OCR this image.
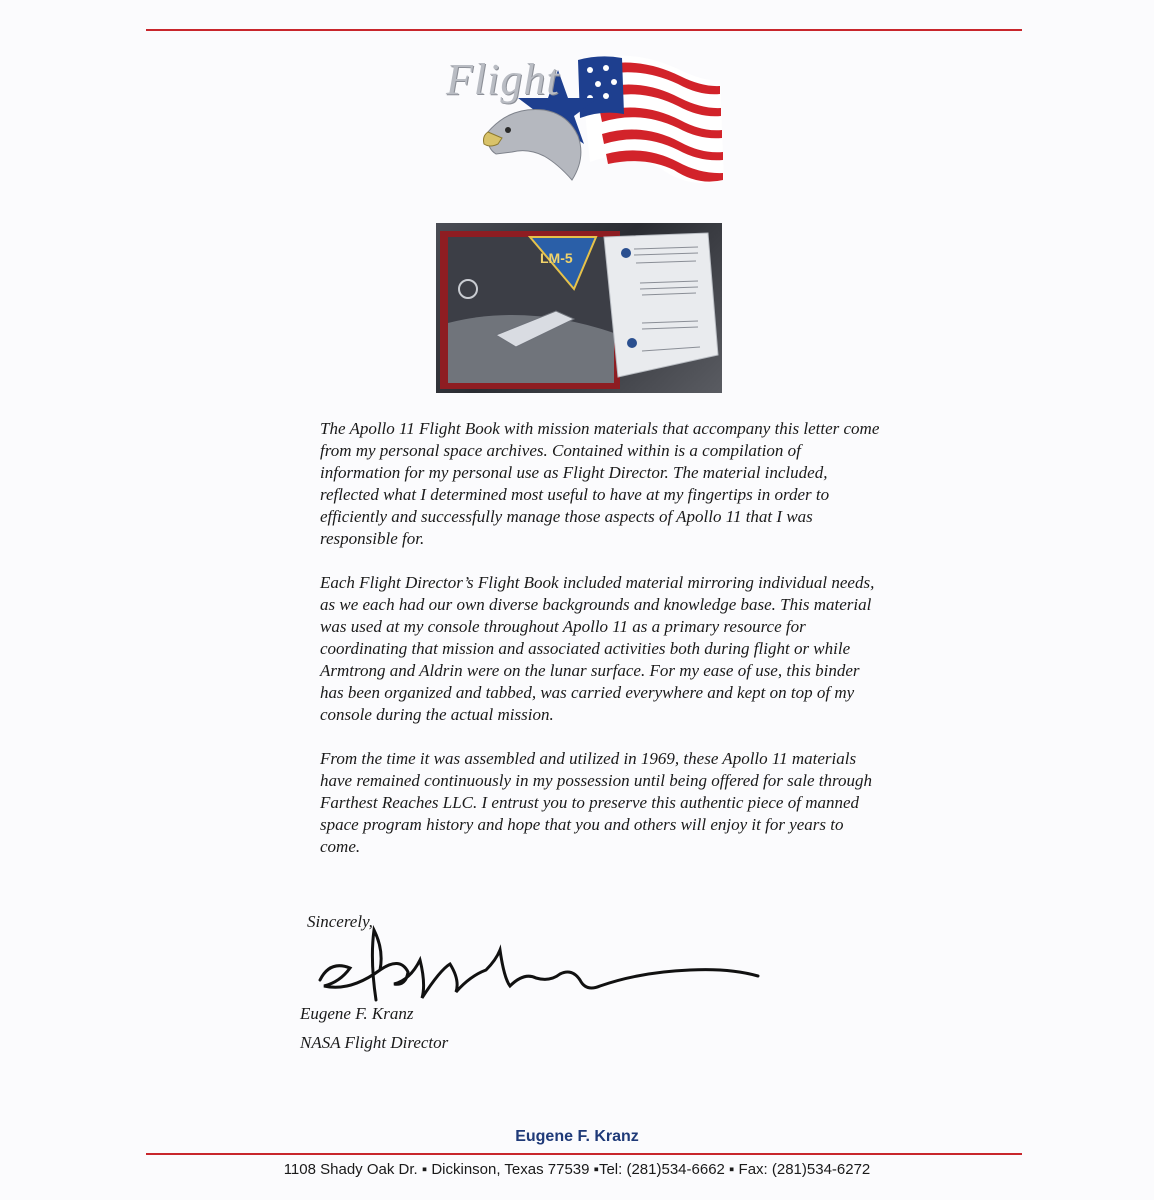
Flight
LM-5

The Apollo 11 Flight Book with mission materials that accompany this letter come from my personal space archives. Contained within is a compilation of information for my personal use as Flight Director. The material included, reflected what I determined most useful to have at my fingertips in order to efficiently and successfully manage those aspects of Apollo 11 that I was responsible for.

Each Flight Director’s Flight Book included material mirroring individual needs, as we each had our own diverse backgrounds and knowledge base. This material was used at my console throughout Apollo 11 as a primary resource for coordinating that mission and associated activities both during flight or while Armtrong and Aldrin were on the lunar surface. For my ease of use, this binder has been organized and tabbed, was carried everywhere and kept on top of my console during the actual mission.

From the time it was assembled and utilized in 1969, these Apollo 11 materials have remained continuously in my possession until being offered for sale through Farthest Reaches LLC. I entrust you to preserve this authentic piece of manned space program history and hope that you and others will enjoy it for years to come.

Sincerely,
Eugene F. Kranz
NASA Flight Director
Eugene F. Kranz
1108 Shady Oak Dr. ▪ Dickinson, Texas 77539 ▪Tel: (281)534-6662 ▪ Fax: (281)534-6272
